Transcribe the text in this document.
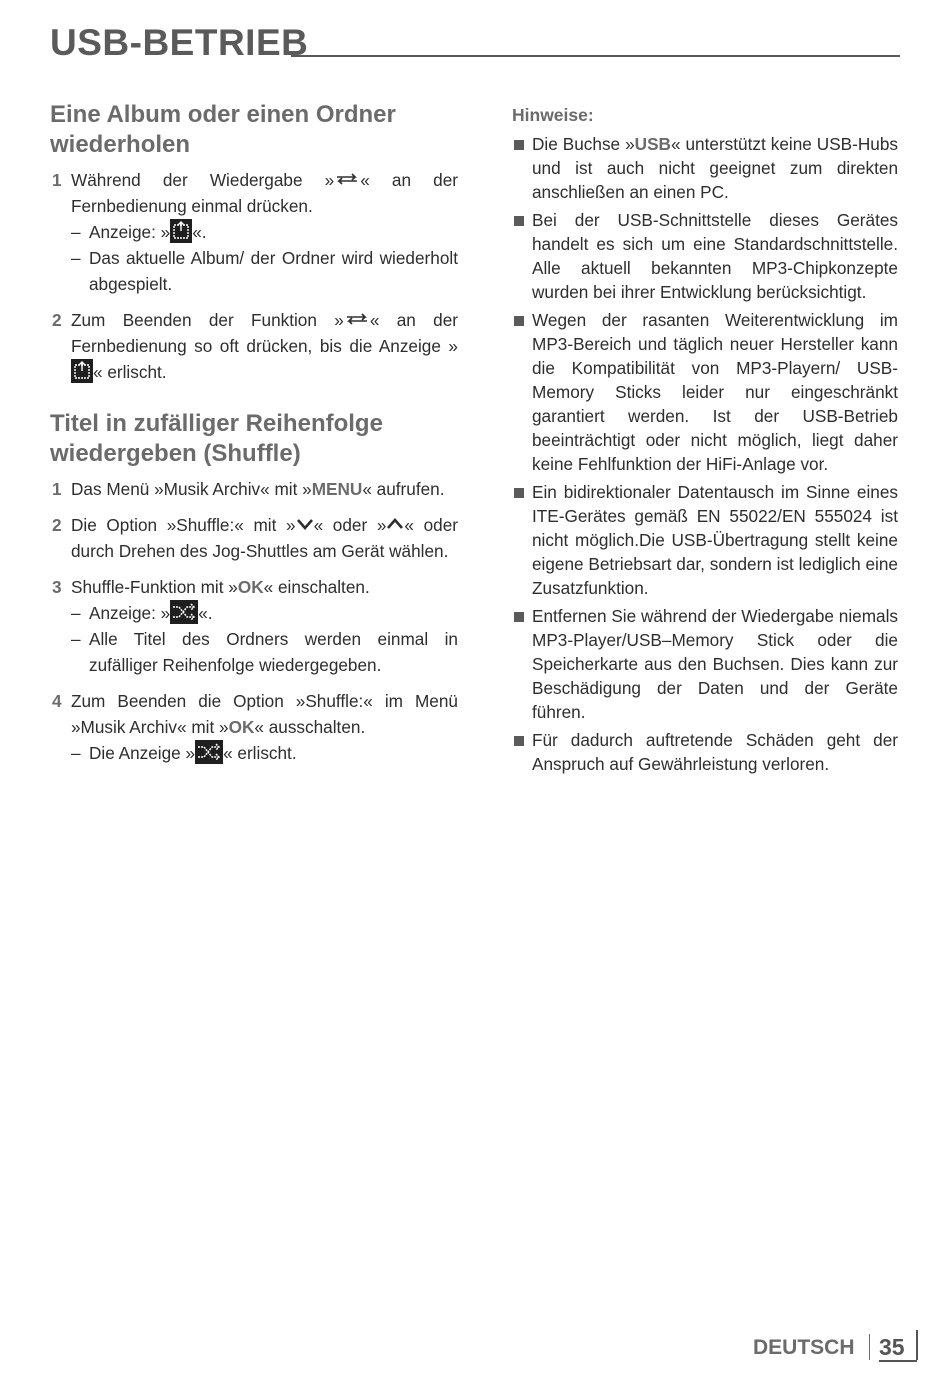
USB-BETRIEB
Eine Album oder einen Ordner wiederholen
1 Während der Wiedergabe » « an der Fernbedienung einmal drücken.
– Anzeige: » «.
– Das aktuelle Album/ der Ordner wird wiederholt abgespielt.
2 Zum Beenden der Funktion » « an der Fernbedienung so oft drücken, bis die Anzeige »« erlischt.
Titel in zufälliger Reihenfolge wiedergeben (Shuffle)
1 Das Menü »Musik Archiv« mit »MENU« aufrufen.
2 Die Option »Shuffle:« mit » « oder » « oder durch Drehen des Jog-Shuttles am Gerät wählen.
3 Shuffle-Funktion mit »OK« einschalten.
– Anzeige: » «.
– Alle Titel des Ordners werden einmal in zufälliger Reihenfolge wiedergegeben.
4 Zum Beenden die Option »Shuffle:« im Menü »Musik Archiv« mit »OK« ausschalten.
– Die Anzeige » « erlischt.
Hinweise:
Die Buchse »USB« unterstützt keine USB-Hubs und ist auch nicht geeignet zum direkten anschließen an einen PC.
Bei der USB-Schnittstelle dieses Gerätes handelt es sich um eine Standardschnittstelle. Alle aktuell bekannten MP3-Chipkonzepte wurden bei ihrer Entwicklung berücksichtigt.
Wegen der rasanten Weiterentwicklung im MP3-Bereich und täglich neuer Hersteller kann die Kompatibilität von MP3-Playern/ USB-Memory Sticks leider nur eingeschränkt garantiert werden. Ist der USB-Betrieb beeinträchtigt oder nicht möglich, liegt daher keine Fehlfunktion der HiFi-Anlage vor.
Ein bidirektionaler Datentausch im Sinne eines ITE-Gerätes gemäß EN 55022/EN 555024 ist nicht möglich.Die USB-Übertragung stellt keine eigene Betriebsart dar, sondern ist lediglich eine Zusatzfunktion.
Entfernen Sie während der Wiedergabe niemals MP3-Player/USB–Memory Stick oder die Speicherkarte aus den Buchsen. Dies kann zur Beschädigung der Daten und der Geräte führen.
Für dadurch auftretende Schäden geht der Anspruch auf Gewährleistung verloren.
DEUTSCH 35
